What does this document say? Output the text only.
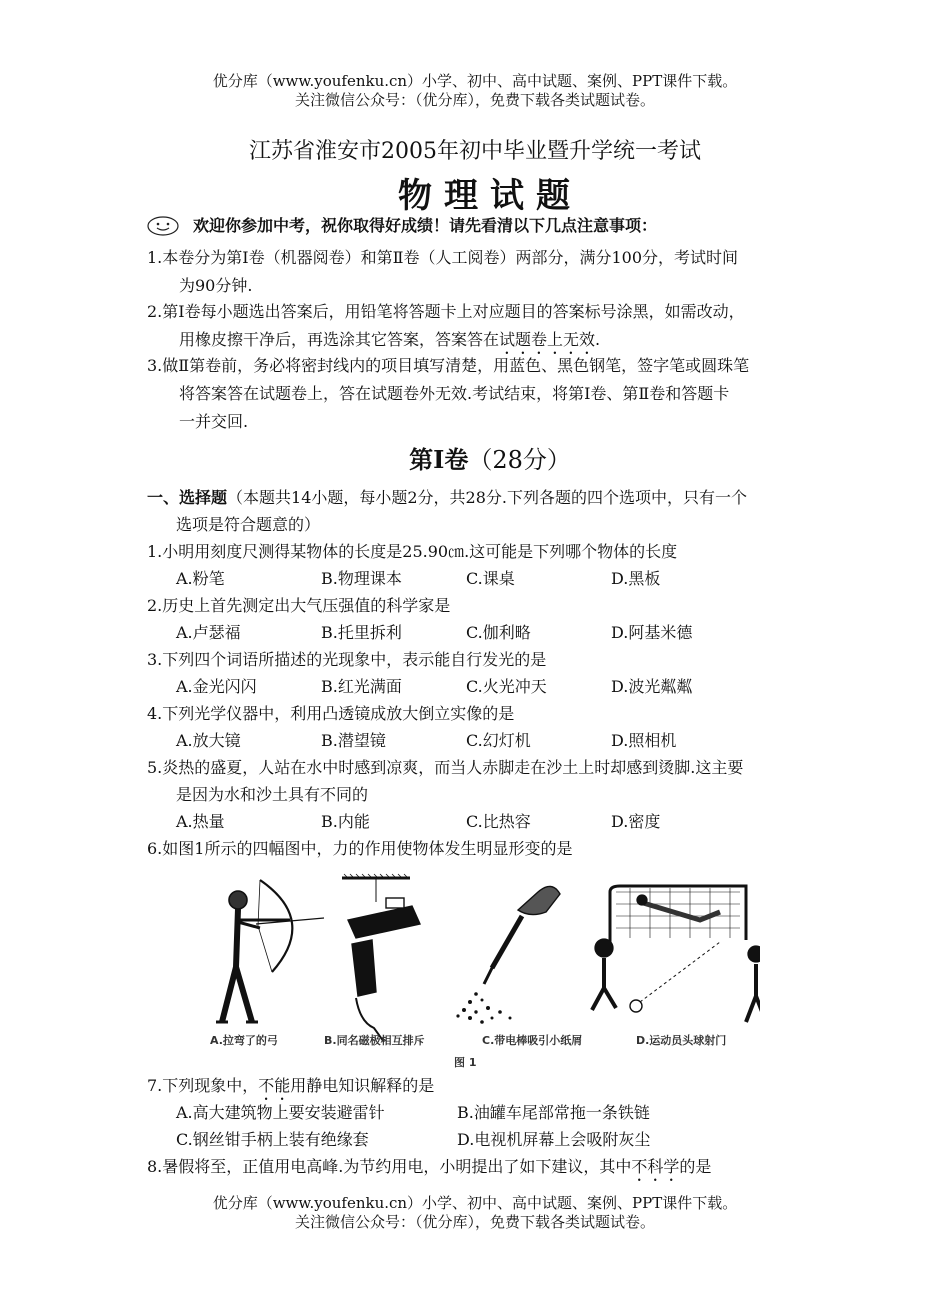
优分库（www.youfenku.cn）小学、初中、高中试题、案例、PPT课件下载。
关注微信公众号：（优分库），免费下载各类试题试卷。
江苏省淮安市2005年初中毕业暨升学统一考试
物理试题
欢迎你参加中考，祝你取得好成绩！请先看清以下几点注意事项：
1.本卷分为第Ⅰ卷（机器阅卷）和第Ⅱ卷（人工阅卷）两部分，满分100分，考试时间
为90分钟.
2.第Ⅰ卷每小题选出答案后，用铅笔将答题卡上对应题目的答案标号涂黑，如需改动，
用橡皮擦干净后，再选涂其它答案，答案答在试题卷上无效.
3.做Ⅱ第卷前，务必将密封线内的项目填写清楚，用蓝色、黑色钢笔，签字笔或圆珠笔
将答案答在试题卷上，答在试题卷外无效.考试结束，将第Ⅰ卷、第Ⅱ卷和答题卡
一并交回.
第Ⅰ卷（28分）
一、选择题（本题共14小题，每小题2分，共28分.下列各题的四个选项中，只有一个
选项是符合题意的）
1.小明用刻度尺测得某物体的长度是25.90㎝.这可能是下列哪个物体的长度
A.粉笔	B.物理课本	C.课桌	D.黑板
2.历史上首先测定出大气压强值的科学家是
A.卢瑟福	B.托里拆利	C.伽利略	D.阿基米德
3.下列四个词语所描述的光现象中，表示能自行发光的是
A.金光闪闪	B.红光满面	C.火光冲天	D.波光粼粼
4.下列光学仪器中，利用凸透镜成放大倒立实像的是
A.放大镜	B.潜望镜	C.幻灯机	D.照相机
5.炎热的盛夏，人站在水中时感到凉爽，而当人赤脚走在沙土上时却感到烫脚.这主要
是因为水和沙土具有不同的
A.热量	B.内能	C.比热容	D.密度
6.如图1所示的四幅图中，力的作用使物体发生明显形变的是
A.拉弯了的弓	B.同名磁极相互排斥	C.带电棒吸引小纸屑	D.运动员头球射门
图 1
7.下列现象中，不能用静电知识解释的是
A.高大建筑物上要安装避雷针	B.油罐车尾部常拖一条铁链
C.钢丝钳手柄上装有绝缘套	D.电视机屏幕上会吸附灰尘
8.暑假将至，正值用电高峰.为节约用电，小明提出了如下建议，其中不科学的是
优分库（www.youfenku.cn）小学、初中、高中试题、案例、PPT课件下载。
关注微信公众号：（优分库），免费下载各类试题试卷。
